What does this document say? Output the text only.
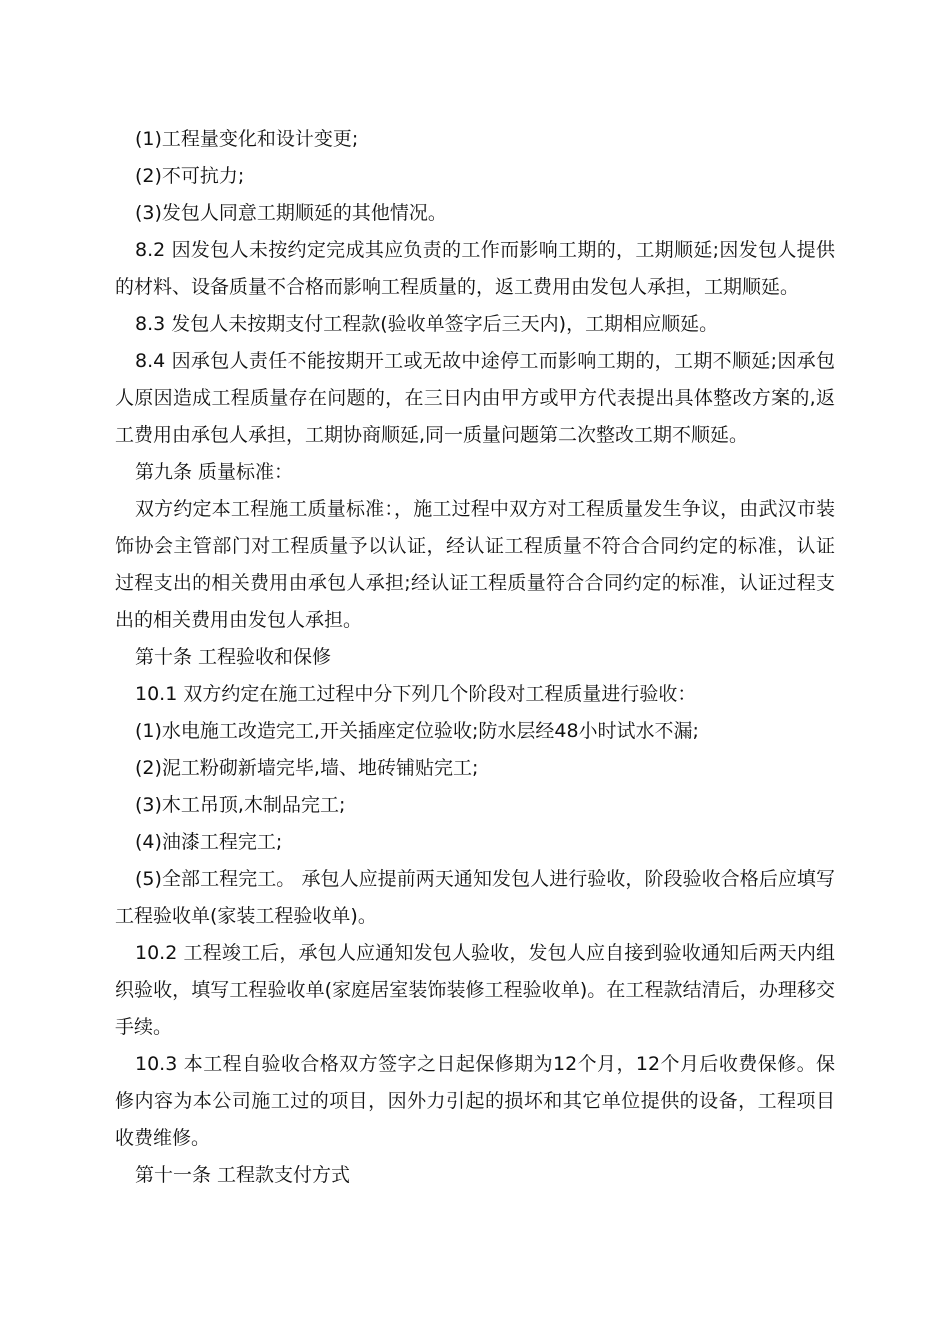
(1)工程量变化和设计变更;

(2)不可抗力;

(3)发包人同意工期顺延的其他情况。

8.2 因发包人未按约定完成其应负责的工作而影响工期的，工期顺延;因发包人提供的材料、设备质量不合格而影响工程质量的，返工费用由发包人承担，工期顺延。

8.3 发包人未按期支付工程款(验收单签字后三天内)，工期相应顺延。

8.4 因承包人责任不能按期开工或无故中途停工而影响工期的，工期不顺延;因承包人原因造成工程质量存在问题的，在三日内由甲方或甲方代表提出具体整改方案的,返工费用由承包人承担，工期协商顺延,同一质量问题第二次整改工期不顺延。

第九条 质量标准：

双方约定本工程施工质量标准：，施工过程中双方对工程质量发生争议，由武汉市装饰协会主管部门对工程质量予以认证，经认证工程质量不符合合同约定的标准，认证过程支出的相关费用由承包人承担;经认证工程质量符合合同约定的标准，认证过程支出的相关费用由发包人承担。

第十条 工程验收和保修

10.1 双方约定在施工过程中分下列几个阶段对工程质量进行验收：

(1)水电施工改造完工,开关插座定位验收;防水层经48小时试水不漏;

(2)泥工粉砌新墙完毕,墙、地砖铺贴完工;

(3)木工吊顶,木制品完工;

(4)油漆工程完工;

(5)全部工程完工。 承包人应提前两天通知发包人进行验收，阶段验收合格后应填写工程验收单(家装工程验收单)。

10.2 工程竣工后，承包人应通知发包人验收，发包人应自接到验收通知后两天内组织验收，填写工程验收单(家庭居室装饰装修工程验收单)。在工程款结清后，办理移交手续。

10.3 本工程自验收合格双方签字之日起保修期为12个月，12个月后收费保修。保修内容为本公司施工过的项目，因外力引起的损坏和其它单位提供的设备，工程项目收费维修。

第十一条 工程款支付方式
